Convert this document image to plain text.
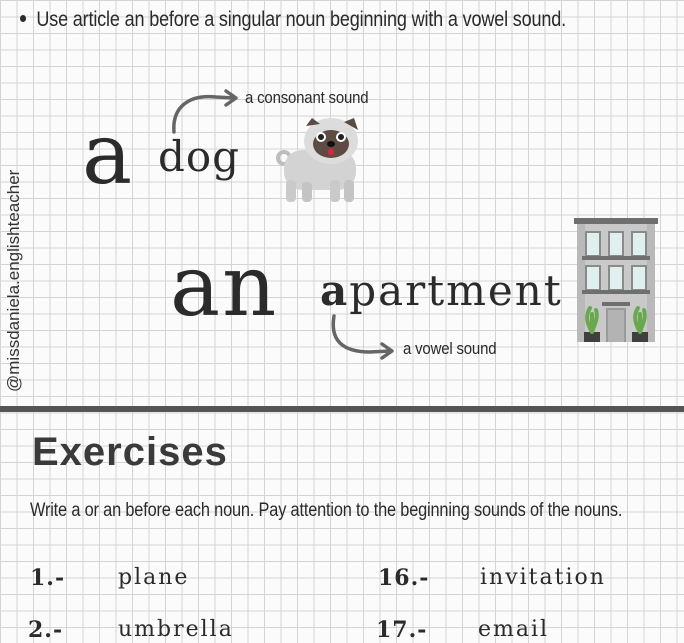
Use article an before a singular noun beginning with a vowel sound.
@missdaniela.englishteacher
a dog
a consonant sound
an apartment
a vowel sound
Exercises
Write a or an before each noun. Pay attention to the beginning sounds of the nouns.
1.- plane	16.- invitation
2.- umbrella	17.- email
